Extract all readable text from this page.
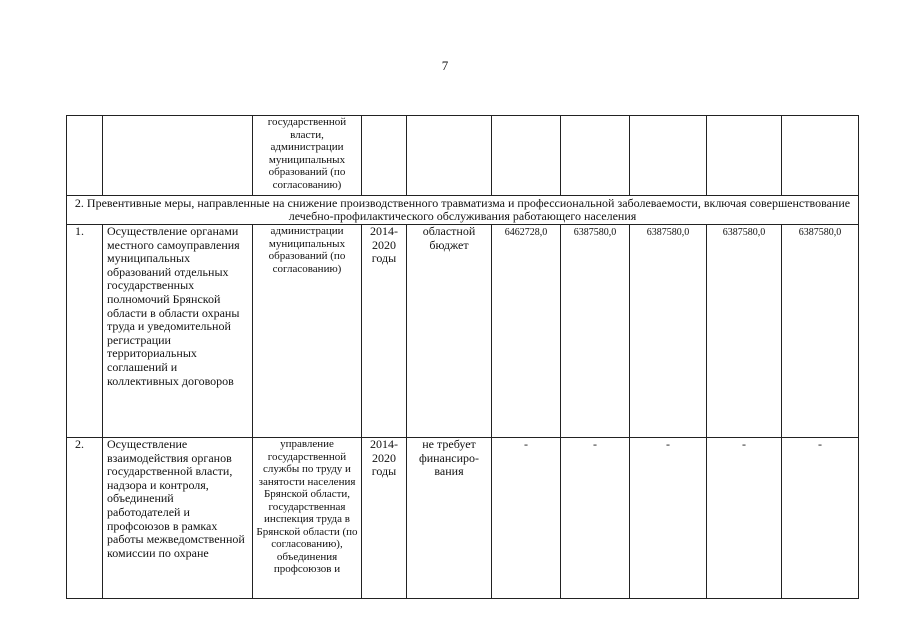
7
		государственной власти, администрации муниципальных образований (по согласованию)							
2. Превентивные меры, направленные на снижение производственного травматизма и профессиональной заболеваемости, включая совершенствование лечебно-профилактического обслуживания работающего населения									
1.	Осуществление органами местного самоуправления муниципальных образований отдельных государственных полномочий Брянской области в области охраны труда и уведомительной регистрации территориальных соглашений и коллективных договоров	администрации муниципальных образований (по согласованию)	2014-2020 годы	областной бюджет	6462728,0	6387580,0	6387580,0	6387580,0	6387580,0
2.	Осуществление взаимодействия органов государственной власти, надзора и контроля, объединений работодателей и профсоюзов в рамках работы межведомственной комиссии по охране	управление государственной службы по труду и занятости населения Брянской области, государственная инспекция труда в Брянской области (по согласованию), объединения профсоюзов и	2014-2020 годы	не требует финансиро-вания	-	-	-	-	-
